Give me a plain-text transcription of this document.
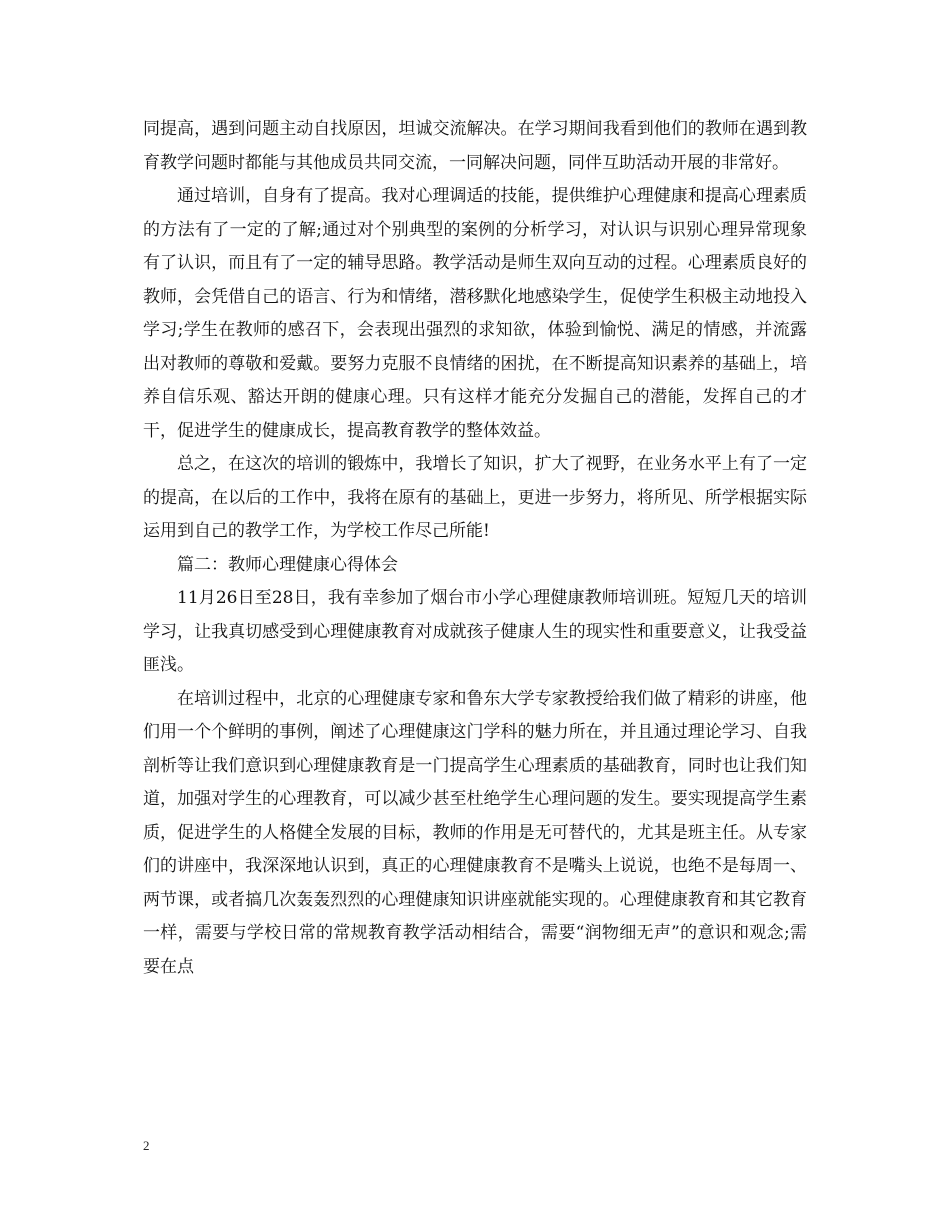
同提高，遇到问题主动自找原因，坦诚交流解决。在学习期间我看到他们的教师在遇到教育教学问题时都能与其他成员共同交流，一同解决问题，同伴互助活动开展的非常好。

通过培训，自身有了提高。我对心理调适的技能，提供维护心理健康和提高心理素质的方法有了一定的了解;通过对个别典型的案例的分析学习，对认识与识别心理异常现象有了认识，而且有了一定的辅导思路。教学活动是师生双向互动的过程。心理素质良好的教师，会凭借自己的语言、行为和情绪，潜移默化地感染学生，促使学生积极主动地投入学习;学生在教师的感召下，会表现出强烈的求知欲，体验到愉悦、满足的情感，并流露出对教师的尊敬和爱戴。要努力克服不良情绪的困扰，在不断提高知识素养的基础上，培养自信乐观、豁达开朗的健康心理。只有这样才能充分发掘自己的潜能，发挥自己的才干，促进学生的健康成长，提高教育教学的整体效益。

总之，在这次的培训的锻炼中，我增长了知识，扩大了视野，在业务水平上有了一定的提高，在以后的工作中，我将在原有的基础上，更进一步努力，将所见、所学根据实际运用到自己的教学工作，为学校工作尽己所能!

篇二：教师心理健康心得体会

11月26日至28日，我有幸参加了烟台市小学心理健康教师培训班。短短几天的培训学习，让我真切感受到心理健康教育对成就孩子健康人生的现实性和重要意义，让我受益匪浅。

在培训过程中，北京的心理健康专家和鲁东大学专家教授给我们做了精彩的讲座，他们用一个个鲜明的事例，阐述了心理健康这门学科的魅力所在，并且通过理论学习、自我剖析等让我们意识到心理健康教育是一门提高学生心理素质的基础教育，同时也让我们知道，加强对学生的心理教育，可以减少甚至杜绝学生心理问题的发生。要实现提高学生素质，促进学生的人格健全发展的目标，教师的作用是无可替代的，尤其是班主任。从专家们的讲座中，我深深地认识到，真正的心理健康教育不是嘴头上说说，也绝不是每周一、两节课，或者搞几次轰轰烈烈的心理健康知识讲座就能实现的。心理健康教育和其它教育一样，需要与学校日常的常规教育教学活动相结合，需要“润物细无声”的意识和观念;需要在点

2
